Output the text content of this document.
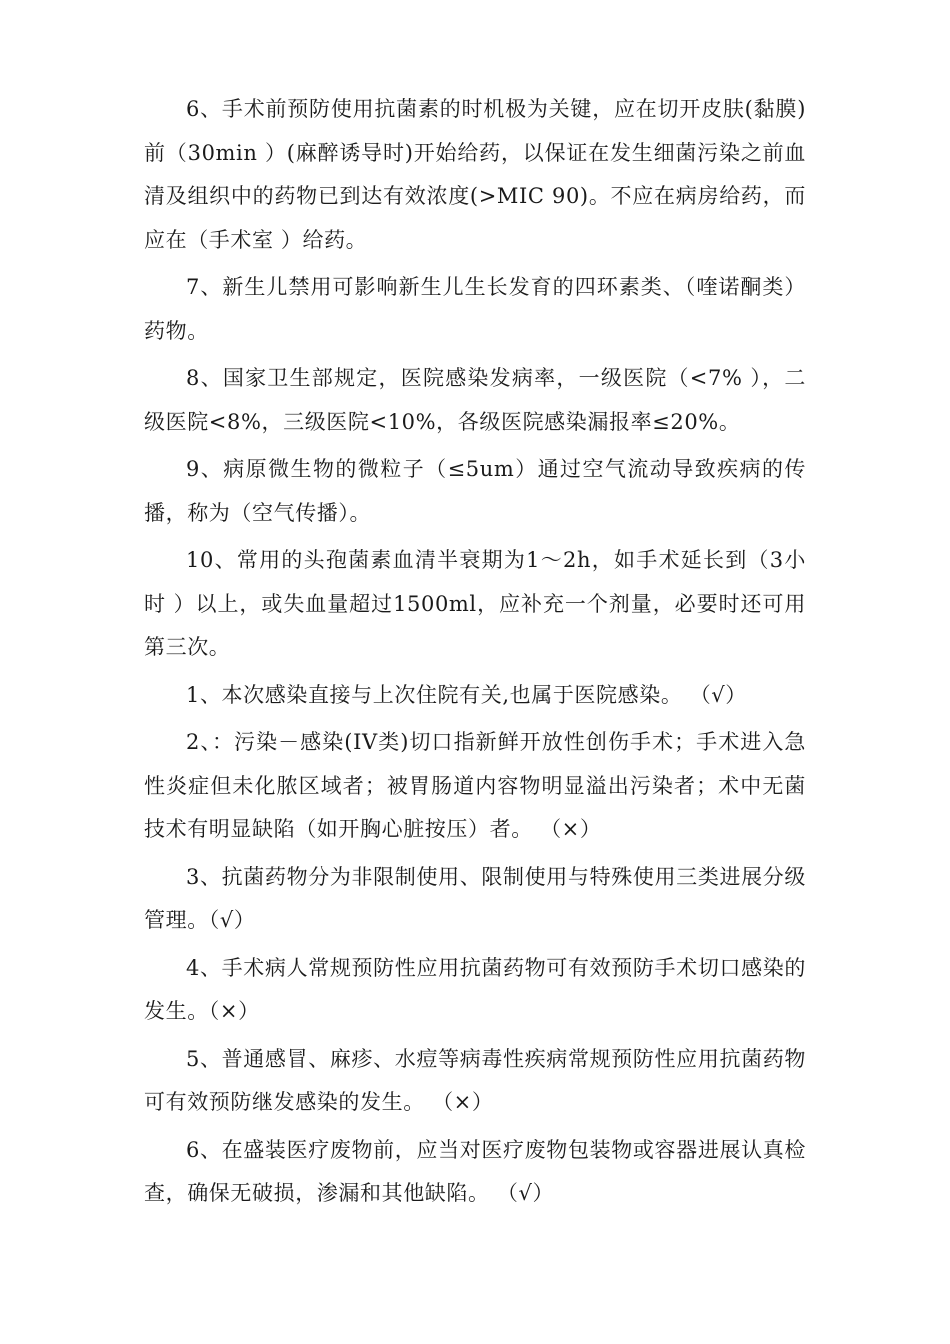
6、手术前预防使用抗菌素的时机极为关键，应在切开皮肤(黏膜)前（30min ）(麻醉诱导时)开始给药，以保证在发生细菌污染之前血清及组织中的药物已到达有效浓度(>MIC 90)。不应在病房给药，而应在（手术室 ）给药。

7、新生儿禁用可影响新生儿生长发育的四环素类、（喹诺酮类）药物。

8、国家卫生部规定，医院感染发病率，一级医院（<7% ），二级医院<8%，三级医院<10%，各级医院感染漏报率≤20%。

9、病原微生物的微粒子（≤5um）通过空气流动导致疾病的传播，称为（空气传播）。

10、常用的头孢菌素血清半衰期为1～2h，如手术延长到（3小时 ）以上，或失血量超过1500ml，应补充一个剂量，必要时还可用第三次。

1、本次感染直接与上次住院有关,也属于医院感染。 （√）

2、：污染－感染(IV类)切口指新鲜开放性创伤手术；手术进入急性炎症但未化脓区域者；被胃肠道内容物明显溢出污染者；术中无菌技术有明显缺陷（如开胸心脏按压）者。 （×）

3、抗菌药物分为非限制使用、限制使用与特殊使用三类进展分级管理。（√）

4、手术病人常规预防性应用抗菌药物可有效预防手术切口感染的发生。（×）

5、普通感冒、麻疹、水痘等病毒性疾病常规预防性应用抗菌药物可有效预防继发感染的发生。 （×）

6、在盛装医疗废物前，应当对医疗废物包装物或容器进展认真检查，确保无破损，渗漏和其他缺陷。 （√）
